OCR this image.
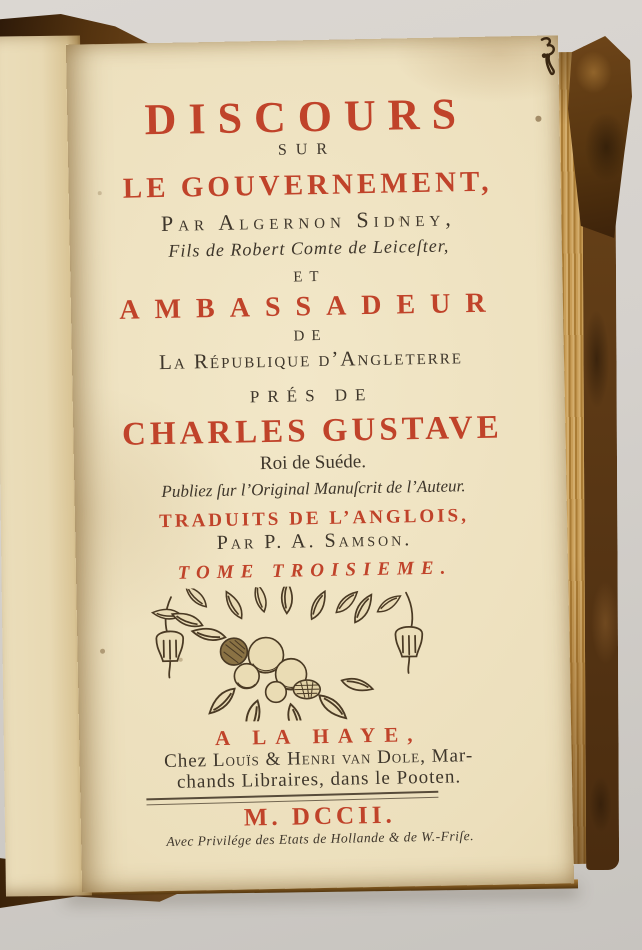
DISCOURS
SUR
LE GOUVERNEMENT,
Par Algernon Sidney,
Fils de Robert Comte de Leiceſter,
ET
AMBASSADEUR
DE
La République d’Angleterre
PRÉS DE
CHARLES GUSTAVE
Roi de Suéde.
Publiez ſur l’Original Manuſcrit de l’Auteur.
TRADUITS DE L’ANGLOIS,
Par P. A. Samson.
TOME TROISIEME.
A LA HAYE,
Chez Louïs & Henri van Dole, Mar-
chands Libraires, dans le Pooten.
M. DCCII.
Avec Privilége des Etats de Hollande & de W.-Friſe.
